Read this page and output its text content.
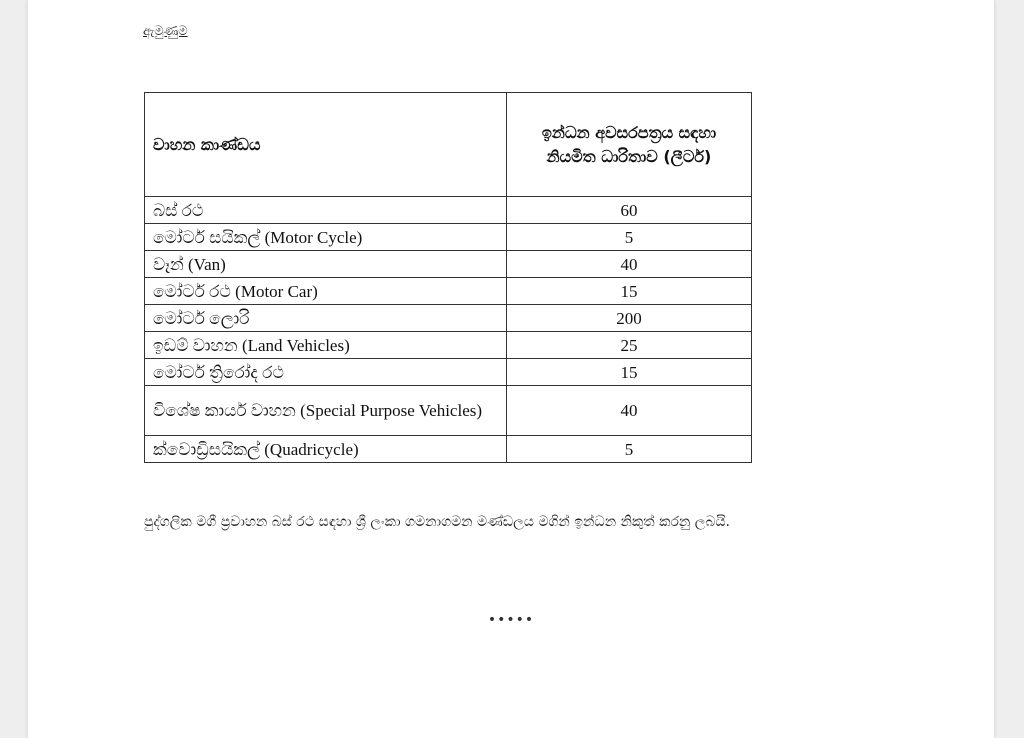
ඇමුණුම

වාහන කාණ්ඩය	ඉන්ධන අවසරපත්‍රය සඳහා නියමිත ධාරිතාව (ලීටර්)
බස් රථ	60
මෝටර් සයිකල් (Motor Cycle)	5
වෑන් (Van)	40
මෝටර් රථ (Motor Car)	15
මෝටර් ලොරි	200
ඉඩම් වාහන (Land Vehicles)	25
මෝටර් ත්‍රිරෝද රථ	15
විශේෂ කාර්ය වාහන (Special Purpose Vehicles)	40
ක්වොඩ්‍රිසයිකල් (Quadricycle)	5

පුද්ගලික මගී ප්‍රවාහන බස් රථ සඳහා ශ්‍රී ලංකා ගමනාගමන මණ්ඩලය මගින් ඉන්ධන නිකුත් කරනු ලබයි.

•••••
